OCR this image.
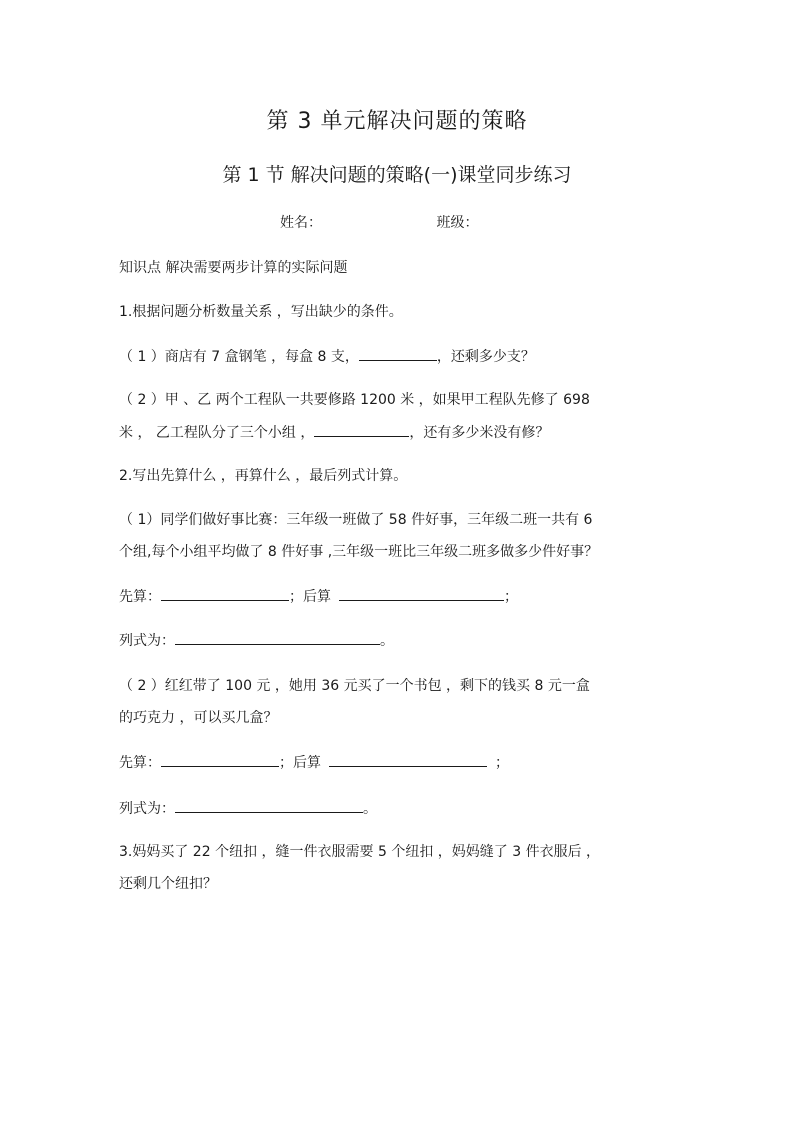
第 3 单元解决问题的策略
第 1 节 解决问题的策略(一)课堂同步练习
姓名：	班级：
知识点 解决需要两步计算的实际问题
1.根据问题分析数量关系 ，写出缺少的条件。
（ 1 ）商店有 7 盒钢笔 ，每盒 8 支，	，还剩多少支？
（ 2 ）甲 、乙 两个工程队一共要修路 1200 米 ，如果甲工程队先修了 698
米 ， 乙工程队分了三个小组 ，	，还有多少米没有修？
2.写出先算什么 ，再算什么 ，最后列式计算。
（ 1）同学们做好事比赛：三年级一班做了 58 件好事，三年级二班一共有 6
个组,每个小组平均做了 8 件好事 ,三年级一班比三年级二班多做多少件好事？
先算：	；后算	；
列式为：	。
（ 2 ）红红带了 100 元 ，她用 36 元买了一个书包 ，剩下的钱买 8 元一盒
的巧克力 ，可以买几盒？
先算：	；后算	；
列式为：	。
3.妈妈买了 22 个纽扣 ，缝一件衣服需要 5 个纽扣 ，妈妈缝了 3 件衣服后 ，
还剩几个纽扣？
